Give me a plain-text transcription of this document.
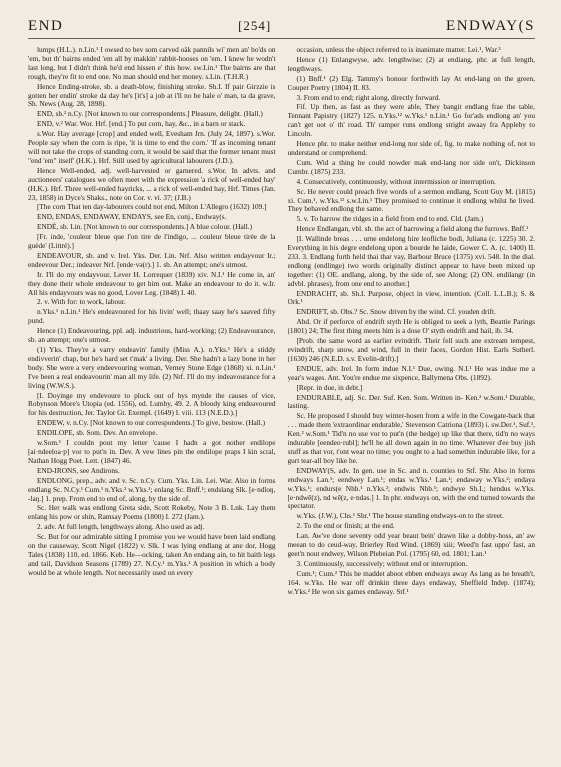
END	[254]	ENDWAY(S

lumps (H.L.). n.Lin.¹ I owsed to bev som carved oäk pannils wi' men an' bo'ds on 'em, but th' bairns ended 'em all by makkin' rabbit-hooses on 'em. I knew he wodn't last long, but I didn't think he'd end hissen e' this how. sw.Lin.¹ The bairns are that rough, they're fit to end one. No man should end her money. s.Lin. (T.H.R.)

Hence Ending-stroke, sb. a death-blow, finishing stroke. Sh.I. If pair Girzzie is gotten her endin' stroke da day he's [it's] a job at i'll no be hale o' man, ta da grave, Sh. News (Aug. 28, 1898).

END, sb.² n.Cy. [Not known to our correspondents.] Pleasure, delight. (Hall.)

END, v.² War. Wor. Hrf. [end.] To put corn, hay, &c., in a barn or stack.

s.Wor. Hay average [crop] and ended well, Evesham Jrn. (July 24, 1897). s.Wor. People say when the corn is ripe, 'it is time to end the corn.' 'If as incoming tenant will not take the crops of standing corn, it would be said that the former tenant must "end 'em" itself' (H.K.). Hrf. Still used by agricultural labourers (J.D.).

Hence Well-ended, adj. well-harvested or garnered. s.Wor. In advts. and auctioneers' catalogues we often meet with the expression 'a rick of well-ended hay' (H.K.). Hrf. Three well-ended hayricks, ... a rick of well-ended hay, Hrf. Times (Jan. 23, 1858) in Dyce's Shaks., note on Cor. v. vi. 37; (J.B.)

[The corn That ten day-labourers could not end, Milton L'Allegro (1632) 109.]

END, ENDAS, ENDAWAY, ENDAYS, see En, conj., Endway(s.

ENDÉ, sb. Lin. [Not known to our correspondents.] A blue colour. (Hall.)

[Fr. inde, 'couleur bleue que l'on tire de l'indigo, ... couleur bleue tirée de la guède' (Littré).]

ENDEAVOUR, sb. and v. Irel. Yks. Der. Lin. Nrf. Also written endayvour Ir.; endeevour Der.; indeaver Nrf. [ende·və(r).] 1. sb. An attempt; one's utmost.

Ir. I'll do my endayvour, Lever H. Lorrequer (1839) xiv. N.I.¹ He come in, an' they done their whole endeavour to get him out. Make an endeavour to do it. w.Ir. All his endayvours was no good, Lover Leg. (1848) I. 40.

2. v. With for: to work, labour.

n.Yks.¹ n.Lin.¹ He's endeavoured for his livin' well; thaay saay he's saaved fifty pund.

Hence (1) Endeavouring, ppl. adj. industrious, hard-working; (2) Endeavourance, sb. an attempt; one's utmost.

(1) Yks. They're a varry endeavin' family (Miss A.). n.Yks.¹ He's a stiddy endivverin' chap, but he's hard set t'mak' a living. Der. She hadn't a lazy bone in her body. She were a very endeevouring woman, Verney Stone Edge (1868) xi. n.Lin.¹ I've been a real endeavourin' man all my life. (2) Nrf. I'll do my indeavourance for a living (W.W.S.).

[I. Doyinge my endevoure to pluck out of hys mynde the causes of vice, Robynson More's Utopia (ed. 1556), ed. Lumby, 49. 2. A bloody king endeavoured for his destruction, Jer. Taylor Gt. Exempl. (1649) I. viii. 113 (N.E.D.).]

ENDEW, v. n.Cy. [Not known to our correspondents.] To give, bestow. (Hall.)

ENDILOPE, sb. Som. Dev. An envelope.

w.Som.¹ I couldn pout my letter 'cause I hadn a got nother endilope [ai·ndeeloa·p] vor to put'n in. Dev. A vew lines pin the endilope praps I kin scral, Nathan Hogg Poet. Lett. (1847) 46.

END-IRONS, see Andirons.

ENDLONG, prep., adv. and v. Sc. n.Cy. Cum. Yks. Lin. Lei. War. Also in forms endlang Sc. N.Cy.¹ Cum.¹ n.Yks.² w.Yks.¹; enlang Sc. Bnff.¹; endslang Slk. [e·ndloŋ, -laŋ.] 1. prep. From end to end of, along, by the side of.

Sc. Her walk was endlong Greta side, Scott Rokeby, Note 3 B. Lnk. Lay them enlang his pow or shin, Ramsay Poems (1800) I. 272 (Jam.).

2. adv. At full length, lengthways along. Also used as adj.

Sc. But for our admirable sitting I promise you we would have been laid endlang on the causeway, Scott Nigel (1822) v. Slk. I was lying endlang at ane dor, Hogg Tales (1838) 110, ed. 1866. Keb. He—ocking, taken An endang ain, to hit baith legs and tail, Davidson Seasons (1789) 27. N.Cy.¹ m.Yks.¹ A position in which a body would be at whole length. Not necessarily used on every

occasion, unless the object referred to is inanimate matter. Lei.¹, War.³

Hence (1) Enlangwyse, adv. lengthwise; (2) at endiang, phr. at full length, lengthways.

(1) Bnff.¹ (2) Elg. Tammy's honour forthwith lay At end-lang on the green, Couper Poetry (1804) II. 83.

3. From end to end; right along, directly forward.

Fif. Up then, as fast as they were able, They bangit endlang frae the table, Tennant Papistry (1827) 125. n.Yks.¹² w.Yks.¹ n.Lin.¹ Go for'ads endlong an' you can't get oot o' th' road. Th' ramper runs endlong stright awaay fra Appleby to Lincoln.

Hence phr. to make neither end-long nor side of, fig. to make nothing of, not to understand or comprehend.

Cum. Wid a thing he could nowder mak end-lang nor side on't, Dickinson Cumbr. (1875) 233.

4. Consecutively, continuously, without intermission or interruption.

Sc. He never could preach five words of a sermon endlang, Scott Guy M. (1815) xi. Cum.¹, w.Yks.¹² s.w.Lin.¹ They promised to continue it endlong whilst he lived. They behaved endlong the same.

5. v. To harrow the ridges in a field from end to end. Cld. (Jam.)

Hence Endlangan, vbl. sb. the act of harrowing a field along the furrows. Bnff.¹

[I. Wallinde breas . . . urne endelong hire leofliche bodi, Juliana (c. 1225) 30. 2. Everything in his degre endelong upon a bourde he laide, Gower C. A. (c. 1400) II. 233. 3. Endlang furth held thai thar vay, Barbour Bruce (1375) xvi. 548. In the dial. endlong (endlinge) two words originally distinct appear to have been mixed up together: (1) OE. andlang, along, by the side of, see Along; (2) ON. endilangr (in advbl. phrases), from one end to another.]

ENDRACHT, sb. Sh.I. Purpose, object in view, intention. (Coll. L.L.B.); S. & Ork.¹

ENDRIFT, sb. Obs.? Sc. Snow driven by the wind. Cf. youden drift.

Abd. Or if perforce of endrift styth He is obliged to seek a lyth, Beattie Parings (1801) 24; The first thing meets him is a dose O' styth endrift and hail, ib. 34.

[Prob. the same word as earlier evindrift. Their fell such ane extream tempest, evindrift, sharp snow, and wind, full in their faces, Gordon Hist. Earls Sutherl. (1630) 246 (N.E.D. s.v. Evelin-drift).]

ENDUE, adv. Irel. In form indue N.I.¹ Due, owing. N.I.¹ He was indue me a year's wages. Ant. You're endue me sixpence, Ballymena Obs. (1892).

[Repr. in due, in debt.]

ENDURABLE, adj. Sc. Der. Suf. Ken. Som. Written in- Ken.² w.Som.¹ Durable, lasting.

Sc. He proposed I should buy winter-hosen from a wife in the Cowgate-back that . . . made them 'extraordinar endurable,' Stevenson Catriona (1893) i. sw.Der.¹, Suf.¹, Ken.² w.Som.¹ Tid'n no use vor to put'n (the hedge) up like that there, tid'n no ways indurable [eendeo·rubl]; he'll be all down again in no time. Whatever d'ee buy jish stuff as that vor, t'ont wear no time; you ought to a had somethin indurable like, for a gurt tear-all boy like he.

ENDWAY(S, adv. In gen. use in Sc. and n. counties to Stf. Shr. Also in forms endways Lan.¹; eendwey Lan.¹; endas w.Yks.¹ Lan.¹; endaway w.Yks.²; endaya w.Yks.¹; endurs(e Nhb.¹ n.Yks.²; endwis Nhb.¹; endwye Sh.I.; hendus w.Yks. [e·ndwē(z), nd wē(z, e·ndəs.] 1. In phr. endways on, with the end turned towards the spectator.

w.Yks. (J.W.), Chs.¹ Shr.¹ The house standing endways-on to the street.

2. To the end or finish; at the end.

Lan. Aw've done seventy odd year beaut bein' drawn like a dobby-hoss, an' aw meean to do ceud-way, Brierley Red Wind. (1869) xiii; Weed'n fast uppo' fast, an geet'n nout endwey, Wilson Plebeian Pol. (1795) 60, ed. 1801; Lan.¹

3. Continuously, successively; without end or interruption.

Cum.¹; Cum.² This he maddet aboot ebben endways away As lang as he breath't, 164. w.Yks. He war off drinkin three days endaway, Sheffield Indep. (1874); w.Yks.² He won six games endaway. Stf.¹
